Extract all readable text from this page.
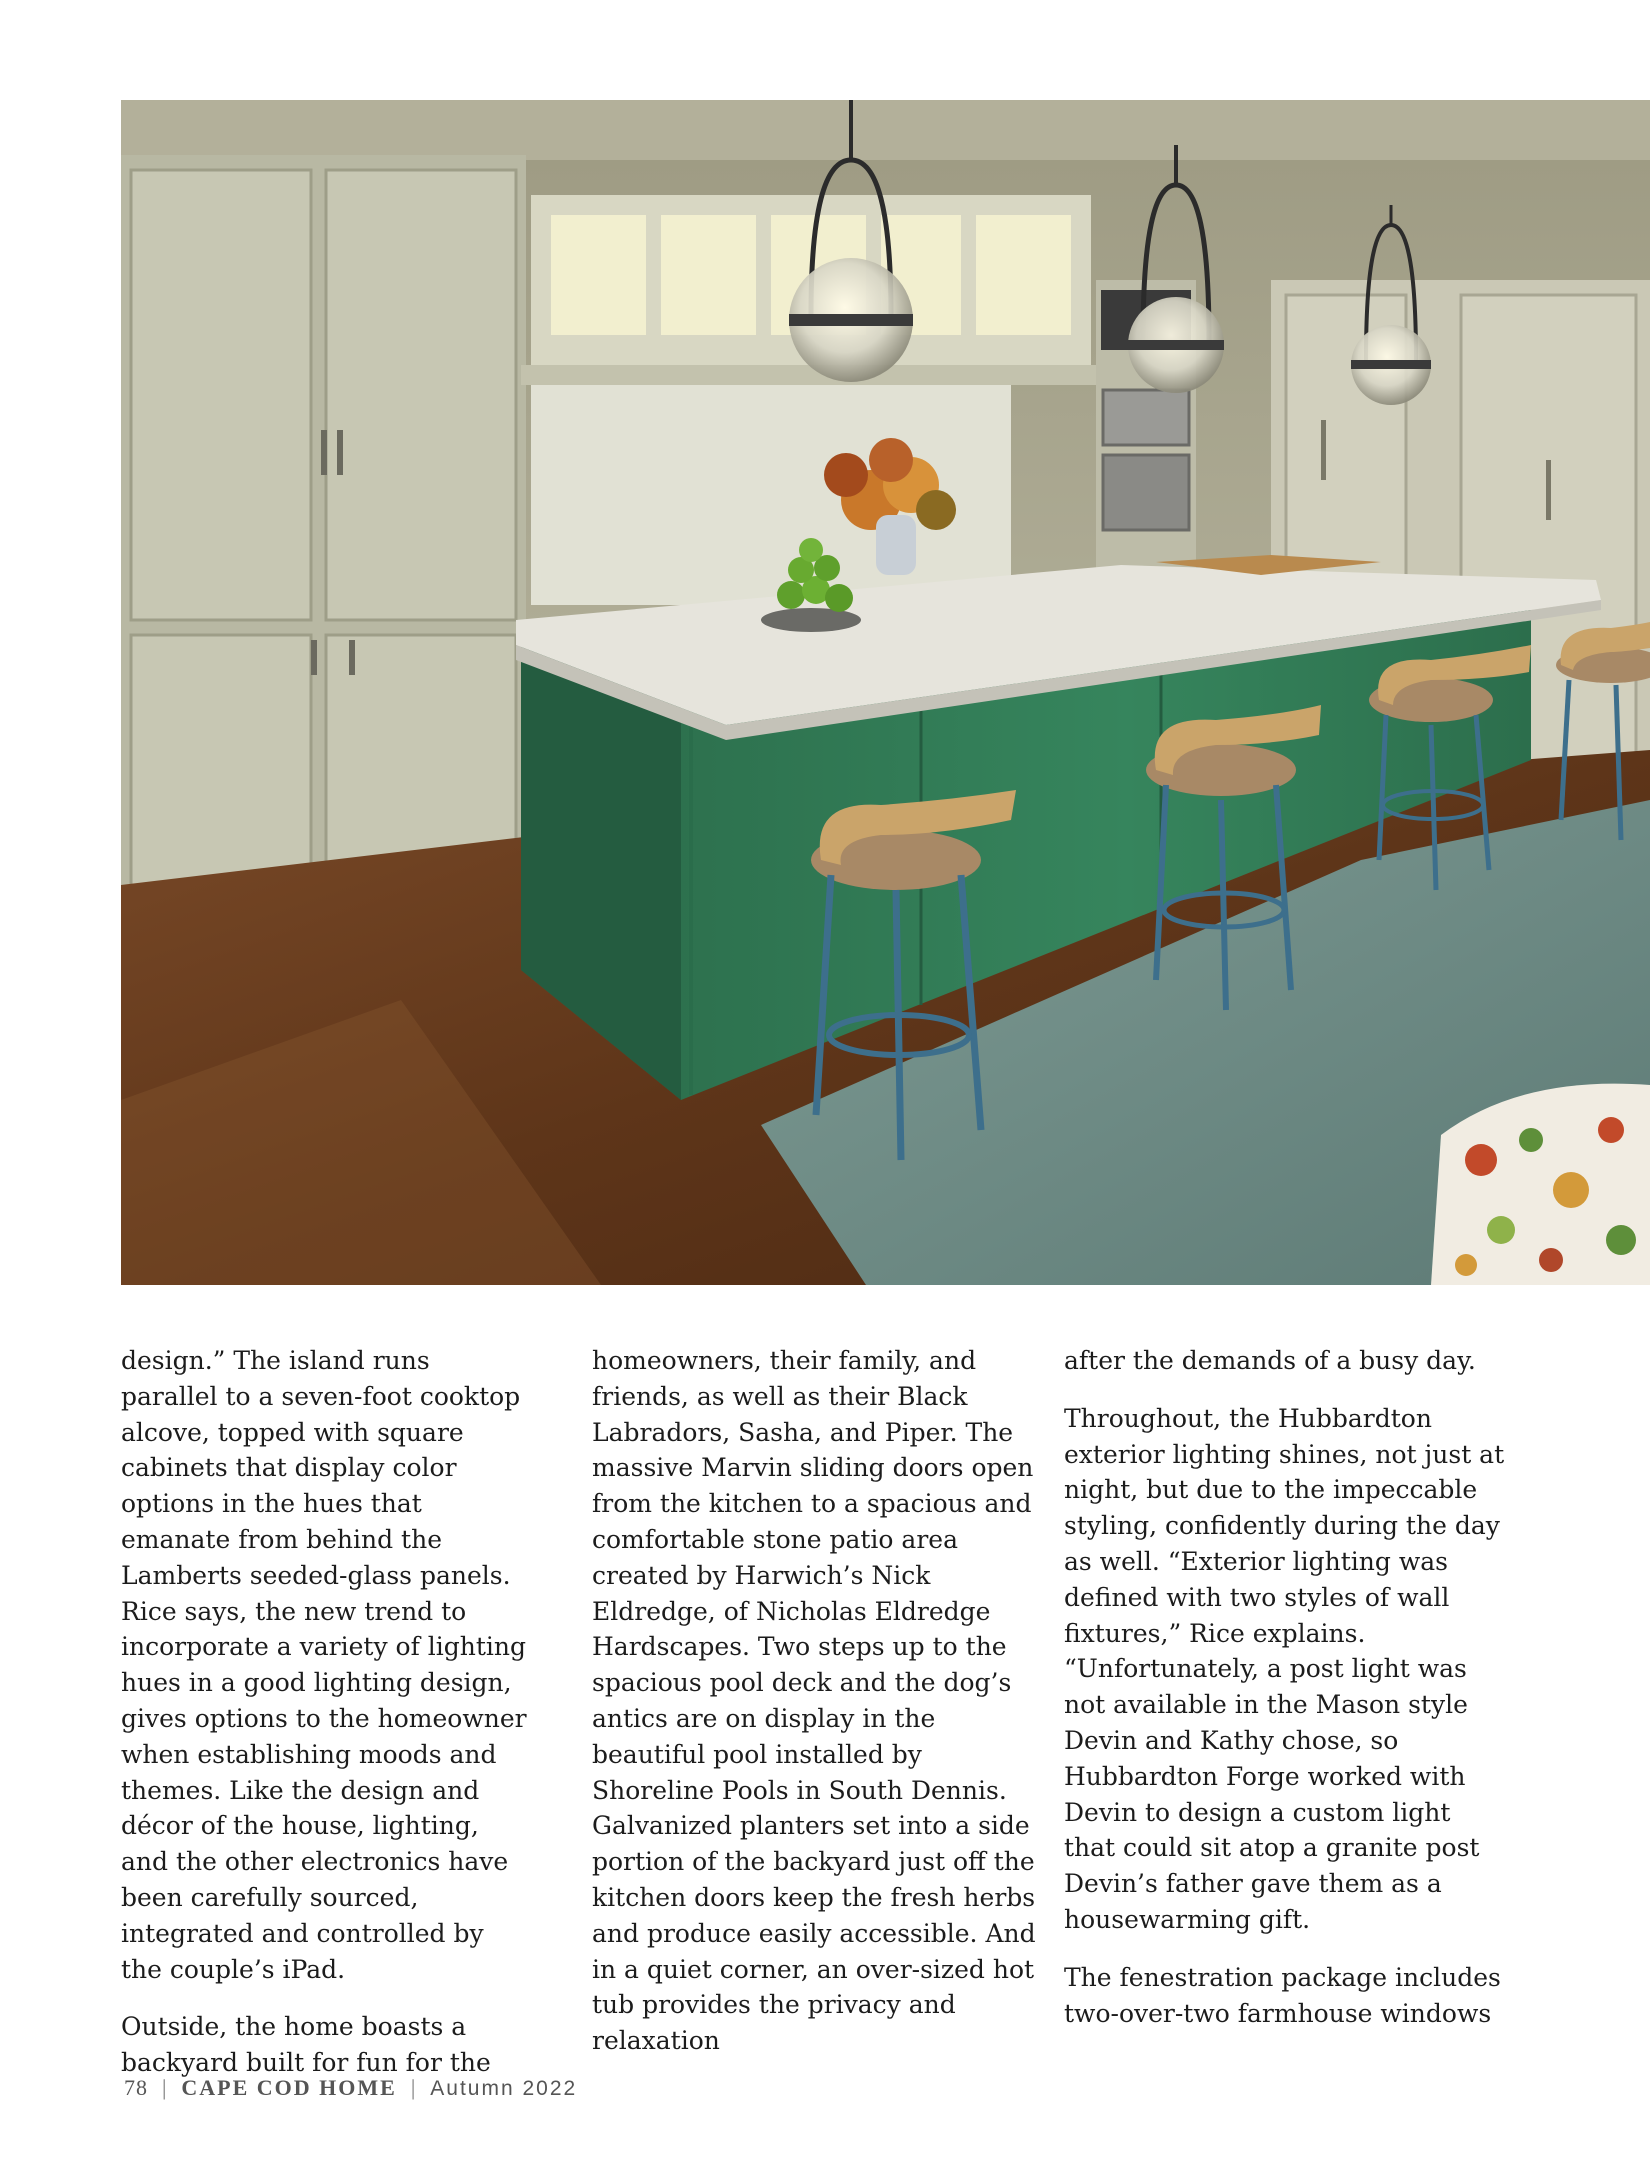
design.” The island runs parallel to a seven-foot cooktop alcove, topped with square cabinets that display color options in the hues that emanate from behind the Lamberts seeded-glass panels. Rice says, the new trend to incorporate a variety of lighting hues in a good lighting design, gives options to the homeowner when establishing moods and themes. Like the design and décor of the house, lighting, and the other electronics have been carefully sourced, integrated and controlled by the couple’s iPad.

Outside, the home boasts a backyard built for fun for the

homeowners, their family, and friends, as well as their Black Labradors, Sasha, and Piper. The massive Marvin sliding doors open from the kitchen to a spacious and comfortable stone patio area created by Harwich’s Nick Eldredge, of Nicholas Eldredge Hardscapes. Two steps up to the spacious pool deck and the dog’s antics are on display in the beautiful pool installed by Shoreline Pools in South Dennis. Galvanized planters set into a side portion of the backyard just off the kitchen doors keep the fresh herbs and produce easily accessible. And in a quiet corner, an over-sized hot tub provides the privacy and relaxation

after the demands of a busy day.

Throughout, the Hubbardton exterior lighting shines, not just at night, but due to the impeccable styling, confidently during the day as well. “Exterior lighting was defined with two styles of wall fixtures,” Rice explains. “Unfortunately, a post light was not available in the Mason style Devin and Kathy chose, so Hubbardton Forge worked with Devin to design a custom light that could sit atop a granite post Devin’s father gave them as a housewarming gift.

The fenestration package includes two-over-two farmhouse windows

78 | CAPE COD HOME | Autumn 2022
